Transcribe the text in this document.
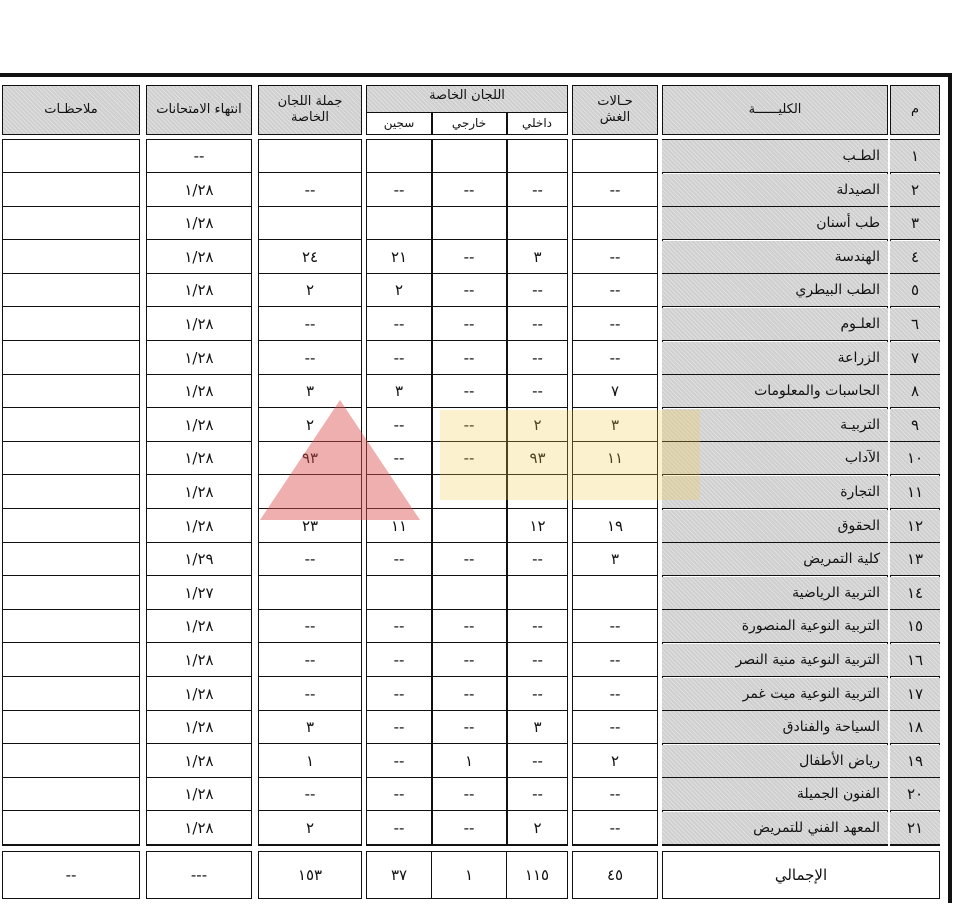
م
الكليــــــة
حـالات الغش
اللجان الخاصة
داخلي
خارجي
سجين
جملة اللجان الخاصة
انتهاء الامتحانات
ملاحظـات
١
الطـب
--
٢
الصيدلة
--
--
--
--
--
١/٢٨
٣
طب أسنان
١/٢٨
٤
الهندسة
--
٣
--
٢١
٢٤
١/٢٨
٥
الطب البيطري
--
--
--
٢
٢
١/٢٨
٦
العلـوم
--
--
--
--
--
١/٢٨
٧
الزراعة
--
--
--
--
--
١/٢٨
٨
الحاسبات والمعلومات
٧
--
--
٣
٣
١/٢٨
٩
التربيـة
٣
٢
--
--
٢
١/٢٨
١٠
الآداب
١١
٩٣
--
--
٩٣
١/٢٨
١١
التجارة
١/٢٨
١٢
الحقوق
١٩
١٢
١١
٢٣
١/٢٨
١٣
كلية التمريض
٣
--
--
--
--
١/٢٩
١٤
التربية الرياضية
١/٢٧
١٥
التربية النوعية المنصورة
--
--
--
--
--
١/٢٨
١٦
التربية النوعية منية النصر
--
--
--
--
--
١/٢٨
١٧
التربية النوعية ميت غمر
--
--
--
--
--
١/٢٨
١٨
السياحة والفنادق
--
٣
--
--
٣
١/٢٨
١٩
رياض الأطفال
٢
--
١
--
١
١/٢٨
٢٠
الفنون الجميلة
--
--
--
--
--
١/٢٨
٢١
المعهد الفني للتمريض
--
٢
--
--
٢
١/٢٨
الإجمالي
٤٥
١١٥
١
٣٧
١٥٣
---
--
